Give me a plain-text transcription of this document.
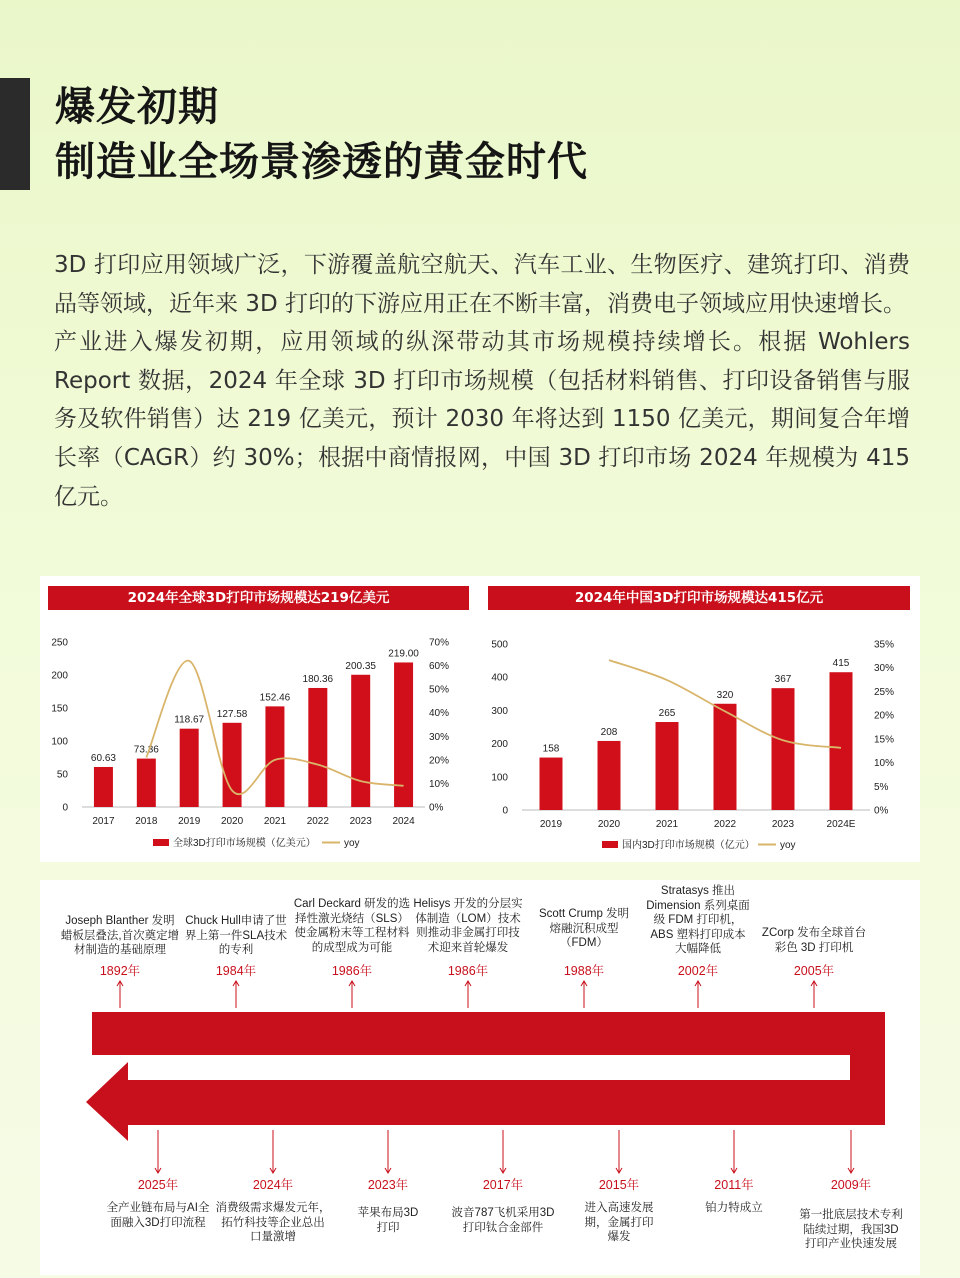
爆发初期
制造业全场景渗透的黄金时代

3D 打印应用领域广泛，下游覆盖航空航天、汽车工业、生物医疗、建筑打印、消费品等领域，近年来 3D 打印的下游应用正在不断丰富，消费电子领域应用快速增长。

产业进入爆发初期，应用领域的纵深带动其市场规模持续增长。根据 Wohlers Report 数据，2024 年全球 3D 打印市场规模（包括材料销售、打印设备销售与服务及软件销售）达 219 亿美元，预计 2030 年将达到 1150 亿美元，期间复合年增长率（CAGR）约 30%；根据中商情报网，中国 3D 打印市场 2024 年规模为 415 亿元。

2024年全球3D打印市场规模达219亿美元	2024年中国3D打印市场规模达415亿元
0
50
100
150
200
250
0%
10%
20%
30%
40%
50%
60%
70%
60.63
2017
73.36
2018
118.67
2019
127.58
2020
152.46
2021
180.36
2022
200.35
2023
219.00
2024
全球3D打印市场规模（亿美元）	yoy
0
100
200
300
400
500
0%
5%
10%
15%
20%
25%
30%
35%
158
2019
208
2020
265
2021
320
2022
367
2023
415
2024E
国内3D打印市场规模（亿元）	yoy
Joseph Blanther 发明
蜡板层叠法,首次奠定增
材制造的基础原理
1892年
Chuck Hull申请了世
界上第一件SLA技术
的专利
1984年
Carl Deckard 研发的选
择性激光烧结（SLS）
使金属粉末等工程材料
的成型成为可能
1986年
Helisys 开发的分层实
体制造（LOM）技术
则推动非金属打印技
术迎来首轮爆发
1986年
Scott Crump 发明
熔融沉积成型
（FDM）
1988年
Stratasys 推出
Dimension 系列桌面
级 FDM 打印机，
ABS 塑料打印成本
大幅降低
2002年
ZCorp 发布全球首台
彩色 3D 打印机
2005年
2025年
全产业链布局与AI全
面融入3D打印流程
2024年
消费级需求爆发元年，
拓竹科技等企业总出
口量激增
2023年
苹果布局3D
打印
2017年
波音787飞机采用3D
打印钛合金部件
2015年
进入高速发展
期，金属打印
爆发
2011年
铂力特成立
2009年
第一批底层技术专利
陆续过期，我国3D
打印产业快速发展
